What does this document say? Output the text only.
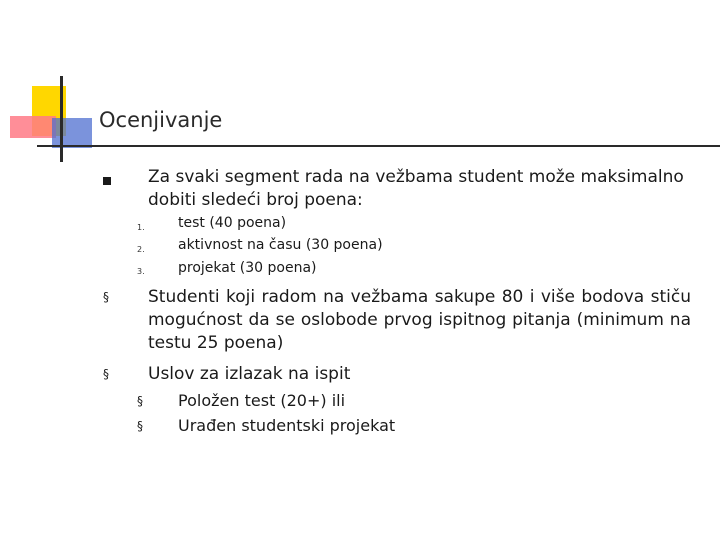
Ocenjivanje
Za svaki segment rada na vežbama student može maksimalno dobiti sledeći broj poena:
1. test (40 poena)
2. aktivnost na času (30 poena)
3. projekat (30 poena)
§ Studenti koji radom na vežbama sakupe 80 i više bodova stiču mogućnost da se oslobode prvog ispitnog pitanja (minimum na testu 25 poena)
§ Uslov za izlazak na ispit
§ Položen test (20+) ili
§ Urađen studentski projekat
